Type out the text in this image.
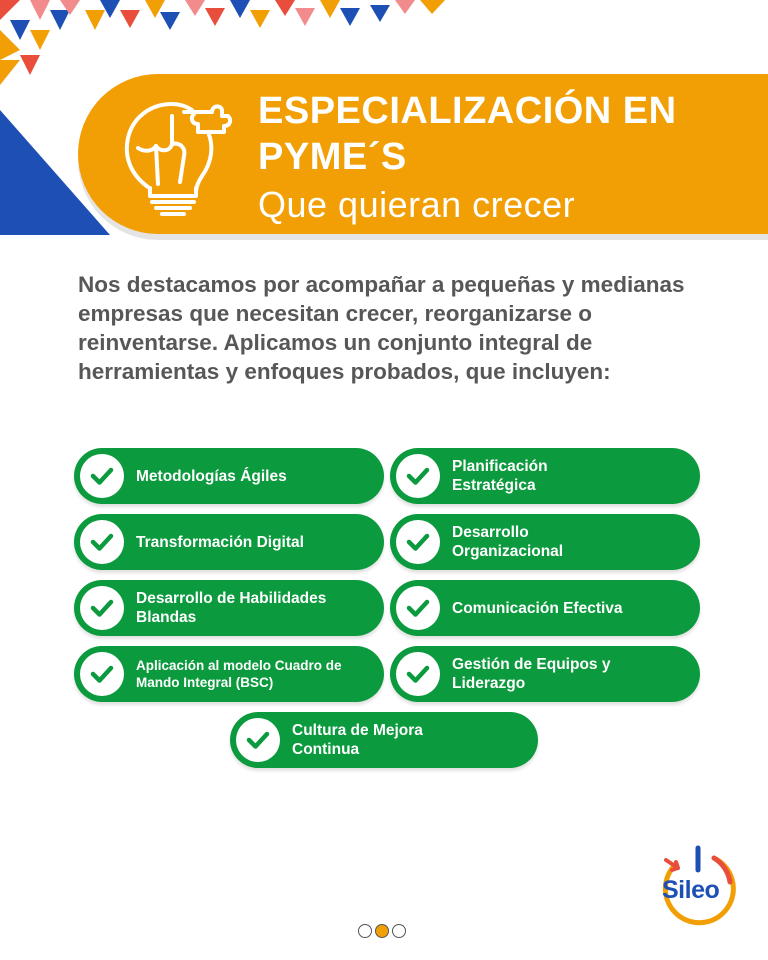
ESPECIALIZACIÓN EN
PYME´S
Que quieran crecer
Nos destacamos por acompañar a pequeñas y medianas empresas que necesitan crecer, reorganizarse o reinventarse. Aplicamos un conjunto integral de herramientas y enfoques probados, que incluyen:
Metodologías Ágiles
Planificación Estratégica
Transformación Digital
Desarrollo Organizacional
Desarrollo de Habilidades Blandas
Comunicación Efectiva
Aplicación al modelo Cuadro de Mando Integral (BSC)
Gestión de Equipos y Liderazgo
Cultura de Mejora Continua
Sileo
